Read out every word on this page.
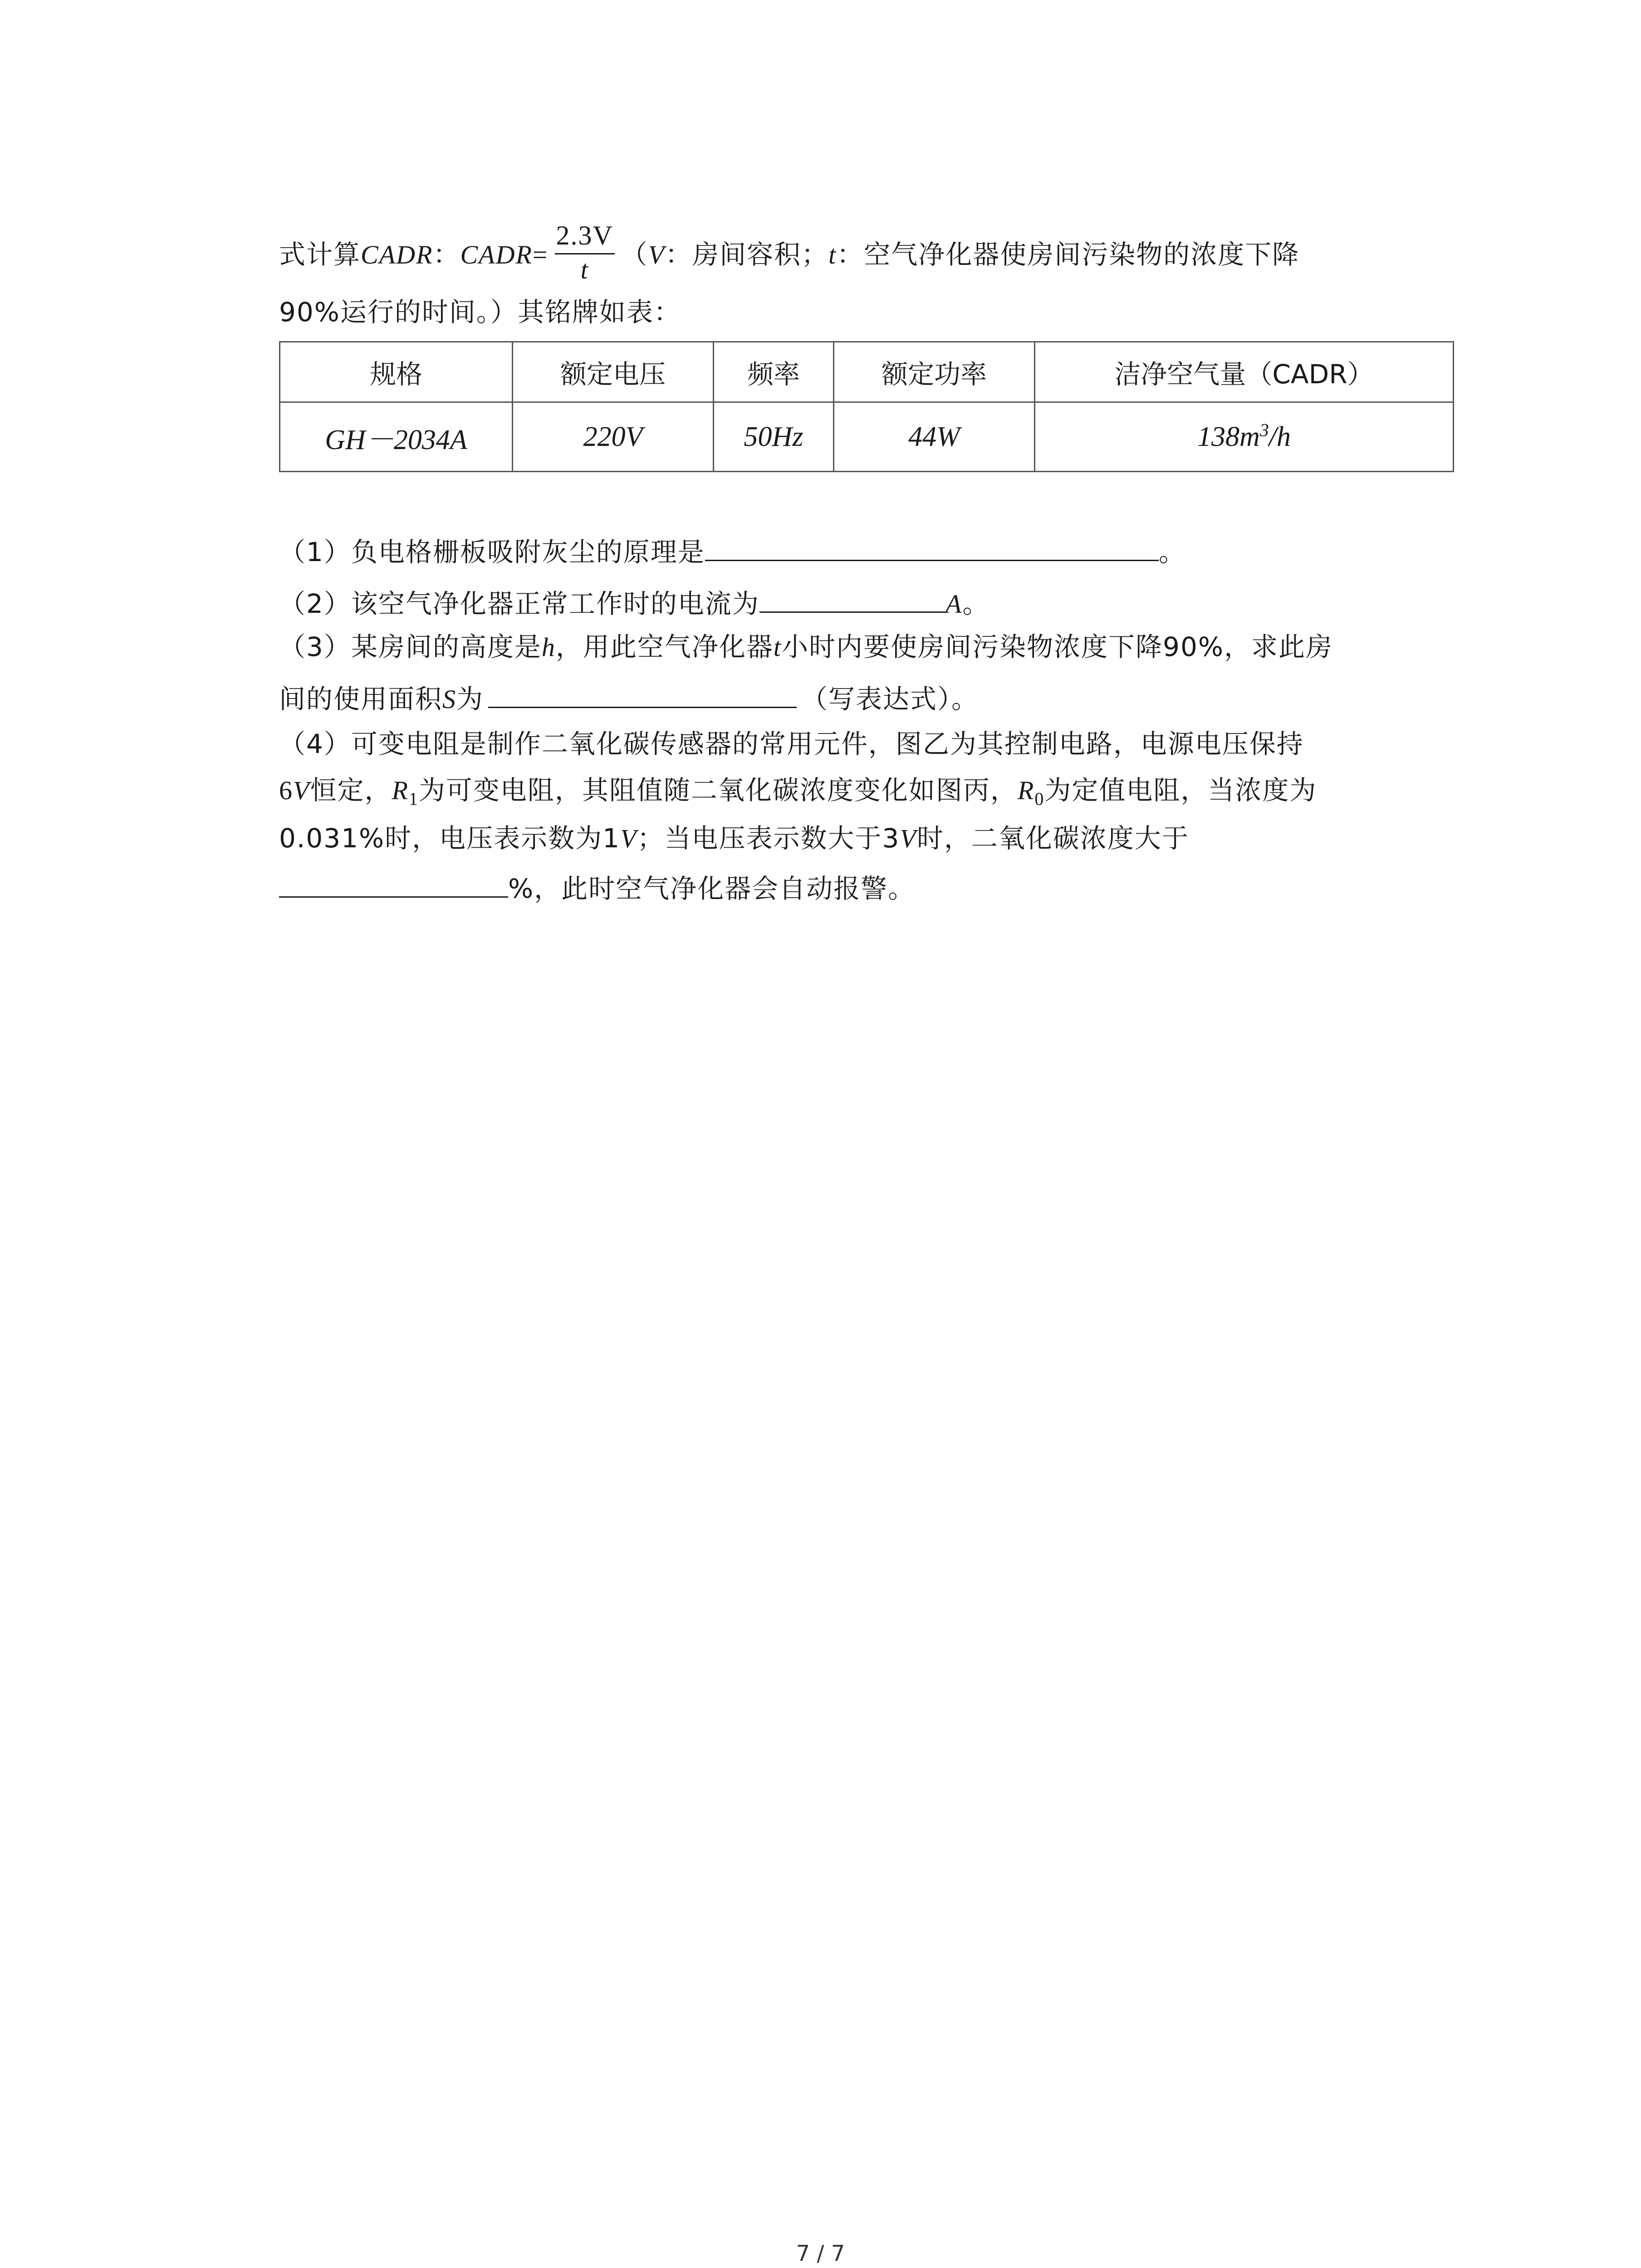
式计算CADR：CADR= $\frac{2.3V}{t} (V$：房间容积；t：空气净化器使房间污染物的浓度下降
90%运行的时间。）其铭牌如表：
规格	额定电压	频率	额定功率	洁净空气量（CADR）
GH－2034A	220V	50Hz	44W	$138m^3/h$
（1）负电格栅板吸附灰尘的原理是	。
（2）该空气净化器正常工作时的电流为	A。
（3）某房间的高度是h，用此空气净化器t小时内要使房间污染物浓度下降90%，求此房
间的使用面积S为	（写表达式）。
（4）可变电阻是制作二氧化碳传感器的常用元件，图乙为其控制电路，电源电压保持
6V恒定，$R_1$为可变电阻，其阻值随二氧化碳浓度变化如图丙，$R_0$为定值电阻，当浓度为
0.031%时，电压表示数为1V；当电压表示数大于3V时，二氧化碳浓度大于
%，此时空气净化器会自动报警。
7 / 7
